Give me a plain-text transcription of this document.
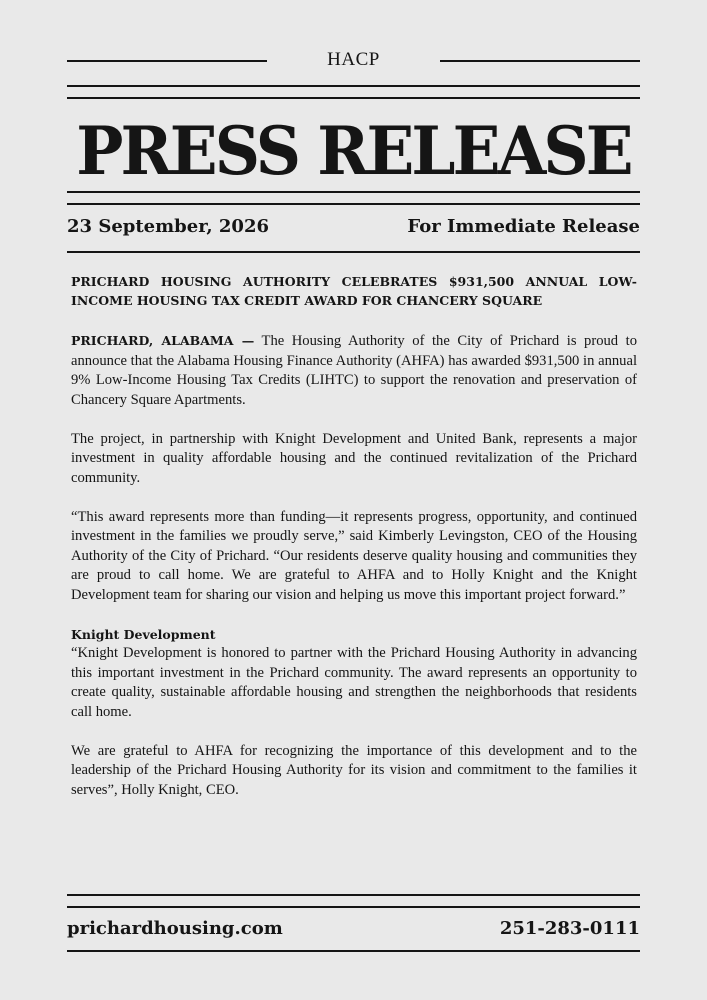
HACP
PRESS RELEASE
23 September, 2026	For Immediate Release
PRICHARD HOUSING AUTHORITY CELEBRATES $931,500 ANNUAL LOW-INCOME HOUSING TAX CREDIT AWARD FOR CHANCERY SQUARE

PRICHARD, ALABAMA — The Housing Authority of the City of Prichard is proud to announce that the Alabama Housing Finance Authority (AHFA) has awarded $931,500 in annual 9% Low-Income Housing Tax Credits (LIHTC) to support the renovation and preservation of Chancery Square Apartments.

The project, in partnership with Knight Development and United Bank, represents a major investment in quality affordable housing and the continued revitalization of the Prichard community.

“This award represents more than funding—it represents progress, opportunity, and continued investment in the families we proudly serve,” said Kimberly Levingston, CEO of the Housing Authority of the City of Prichard. “Our residents deserve quality housing and communities they are proud to call home. We are grateful to AHFA and to Holly Knight and the Knight Development team for sharing our vision and helping us move this important project forward.”

Knight Development

“Knight Development is honored to partner with the Prichard Housing Authority in advancing this important investment in the Prichard community. The award represents an opportunity to create quality, sustainable affordable housing and strengthen the neighborhoods that residents call home.

We are grateful to AHFA for recognizing the importance of this development and to the leadership of the Prichard Housing Authority for its vision and commitment to the families it serves”, Holly Knight, CEO.

prichardhousing.com	251-283-0111
